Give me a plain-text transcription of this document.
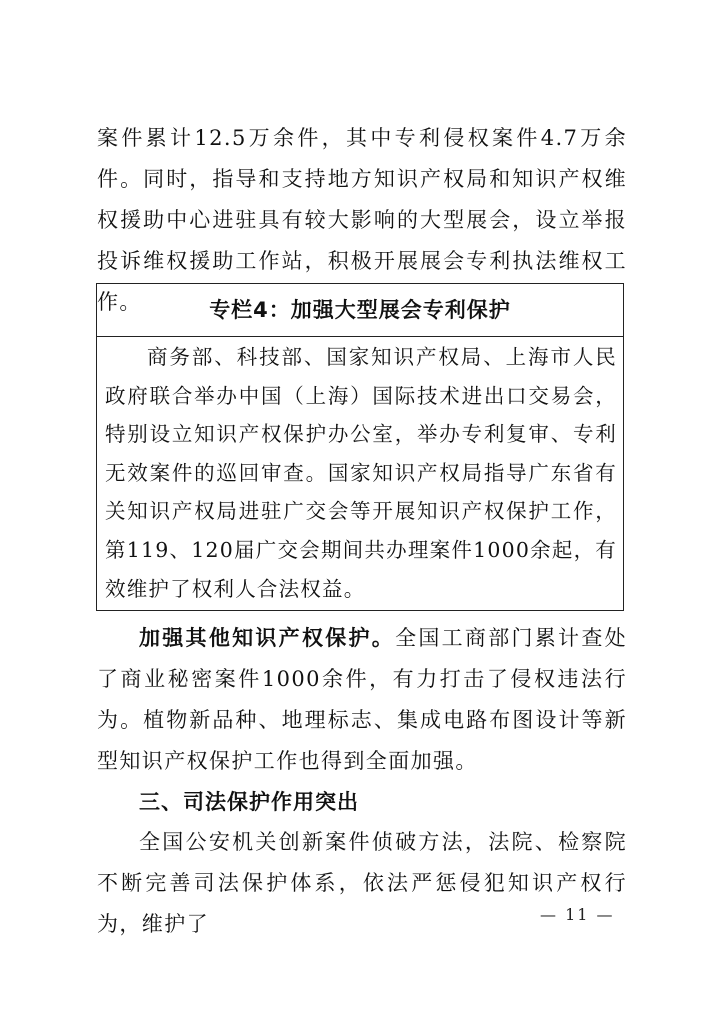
案件累计12.5万余件，其中专利侵权案件4.7万余件。同时，指导和支持地方知识产权局和知识产权维权援助中心进驻具有较大影响的大型展会，设立举报投诉维权援助工作站，积极开展展会专利执法维权工作。	专栏4：加强大型展会专利保护

商务部、科技部、国家知识产权局、上海市人民政府联合举办中国（上海）国际技术进出口交易会，特别设立知识产权保护办公室，举办专利复审、专利无效案件的巡回审查。国家知识产权局指导广东省有关知识产权局进驻广交会等开展知识产权保护工作，第119、120届广交会期间共办理案件1000余起，有效维护了权利人合法权益。

加强其他知识产权保护。全国工商部门累计查处了商业秘密案件1000余件，有力打击了侵权违法行为。植物新品种、地理标志、集成电路布图设计等新型知识产权保护工作也得到全面加强。

三、司法保护作用突出

全国公安机关创新案件侦破方法，法院、检察院不断完善司法保护体系，依法严惩侵犯知识产权行为，维护了	— 11 —
